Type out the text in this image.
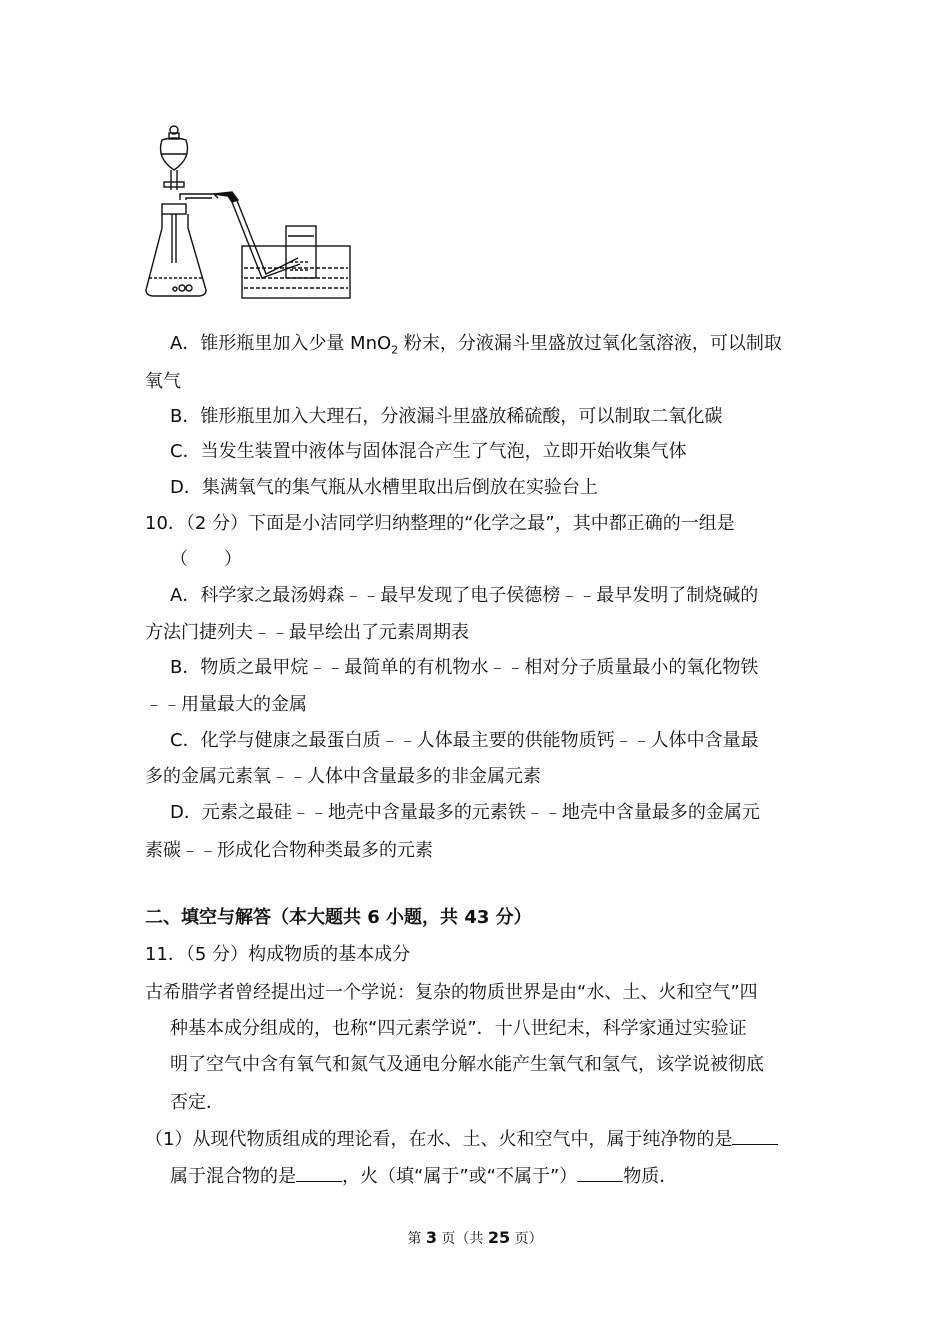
A．锥形瓶里加入少量 MnO$_2$ 粉末，分液漏斗里盛放过氧化氢溶液，可以制取
氧气
B．锥形瓶里加入大理石，分液漏斗里盛放稀硫酸，可以制取二氧化碳
C．当发生装置中液体与固体混合产生了气泡，立即开始收集气体
D．集满氧气的集气瓶从水槽里取出后倒放在实验台上
10．（2 分）下面是小洁同学归纳整理的“化学之最”，其中都正确的一组是
（　　）
A．科学家之最汤姆森﹣﹣最早发现了电子侯德榜﹣﹣最早发明了制烧碱的
方法门捷列夫﹣﹣最早绘出了元素周期表
B．物质之最甲烷﹣﹣最简单的有机物水﹣﹣相对分子质量最小的氧化物铁
﹣﹣用量最大的金属
C．化学与健康之最蛋白质﹣﹣人体最主要的供能物质钙﹣﹣人体中含量最
多的金属元素氧﹣﹣人体中含量最多的非金属元素
D．元素之最硅﹣﹣地壳中含量最多的元素铁﹣﹣地壳中含量最多的金属元
素碳﹣﹣形成化合物种类最多的元素
二、填空与解答（本大题共 6 小题，共 43 分）
11．（5 分）构成物质的基本成分
古希腊学者曾经提出过一个学说：复杂的物质世界是由“水、土、火和空气”四
种基本成分组成的，也称“四元素学说”．十八世纪末，科学家通过实验证
明了空气中含有氧气和氮气及通电分解水能产生氧气和氢气，该学说被彻底
否定．
（1）从现代物质组成的理论看，在水、土、火和空气中，属于纯净物的是
属于混合物的是	，火（填“属于”或“不属于”）	物质．
第 3 页（共 25 页）
